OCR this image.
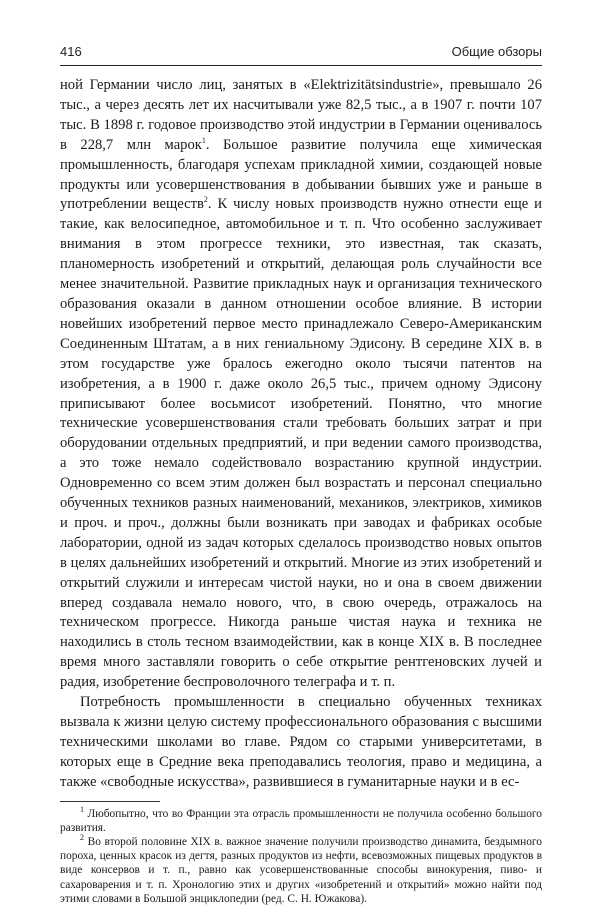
416	Общие обзоры

ной Германии число лиц, занятых в «Elektrizitätsindustrie», превышало 26 тыс., а через десять лет их насчитывали уже 82,5 тыс., а в 1907 г. почти 107 тыс. В 1898 г. годовое производство этой индустрии в Германии оценивалось в 228,7 млн марок$^1$. Большое развитие получила еще химическая промышленность, благодаря успехам прикладной химии, создающей новые продукты или усовершенствования в добывании бывших уже и раньше в употреблении веществ$^2$. К числу новых производств нужно отнести еще и такие, как велосипедное, автомобильное и т. п. Что особенно заслуживает внимания в этом прогрессе техники, это известная, так сказать, планомерность изобретений и открытий, делающая роль случайности все менее значительной. Развитие прикладных наук и организация технического образования оказали в данном отношении особое влияние. В истории новейших изобретений первое место принадлежало Северо-Американским Соединенным Штатам, а в них гениальному Эдисону. В середине XIX в. в этом государстве уже бралось ежегодно около тысячи патентов на изобретения, а в 1900 г. даже около 26,5 тыс., причем одному Эдисону приписывают более восьмисот изобретений. Понятно, что многие технические усовершенствования стали требовать больших затрат и при оборудовании отдельных предприятий, и при ведении самого производства, а это тоже немало содействовало возрастанию крупной индустрии. Одновременно со всем этим должен был возрастать и персонал специально обученных техников разных наименований, механиков, электриков, химиков и проч. и проч., должны были возникать при заводах и фабриках особые лаборатории, одной из задач которых сделалось производство новых опытов в целях дальнейших изобретений и открытий. Многие из этих изобретений и открытий служили и интересам чистой науки, но и она в своем движении вперед создавала немало нового, что, в свою очередь, отражалось на техническом прогрессе. Никогда раньше чистая наука и техника не находились в столь тесном взаимодействии, как в конце XIX в. В последнее время много заставляли говорить о себе открытие рентгеновских лучей и радия, изобретение беспроволочного телеграфа и т. п.

Потребность промышленности в специально обученных техниках вызвала к жизни целую систему профессионального образования с высшими техническими школами во главе. Рядом со старыми университетами, в которых еще в Средние века преподавались теология, право и медицина, а также «свободные искусства», развившиеся в гуманитарные науки и в ес-

$^1$ Любопытно, что во Франции эта отрасль промышленности не получила особенно большого развития.

$^2$ Во второй половине XIX в. важное значение получили производство динамита, бездымного пороха, ценных красок из дегтя, разных продуктов из нефти, всевозможных пищевых продуктов в виде консервов и т. п., равно как усовершенствованные способы винокурения, пиво- и сахароварения и т. п. Хронологию этих и других «изобретений и открытий» можно найти под этими словами в Большой энциклопедии (ред. С. Н. Южакова).
